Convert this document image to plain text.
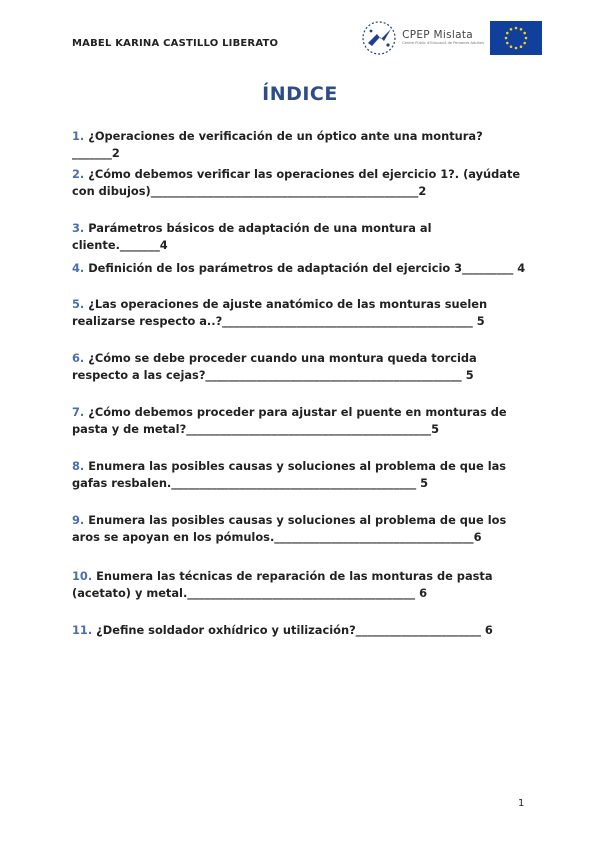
MABEL KARINA CASTILLO LIBERATO
CPEP Mislata
Centre Públic d'Educació de Persones Adultes
ÍNDICE
1. ¿Operaciones de verificación de un óptico ante una montura?_______2
2. ¿Cómo debemos verificar las operaciones del ejercicio 1?. (ayúdate con dibujos)_______________________________________________2
3. Parámetros básicos de adaptación de una montura al cliente._______4
4. Definición de los parámetros de adaptación del ejercicio 3_________ 4
5. ¿Las operaciones de ajuste anatómico de las monturas suelen realizarse respecto a..?____________________________________________ 5
6. ¿Cómo se debe proceder cuando una montura queda torcida respecto a las cejas?_____________________________________________ 5
7. ¿Cómo debemos proceder para ajustar el puente en monturas de pasta y de metal?___________________________________________5
8. Enumera las posibles causas y soluciones al problema de que las gafas resbalen.___________________________________________ 5
9. Enumera las posibles causas y soluciones al problema de que los aros se apoyan en los pómulos.___________________________________6
10. Enumera las técnicas de reparación de las monturas de pasta (acetato) y metal.________________________________________ 6
11. ¿Define soldador oxhídrico y utilización?______________________ 6
1
